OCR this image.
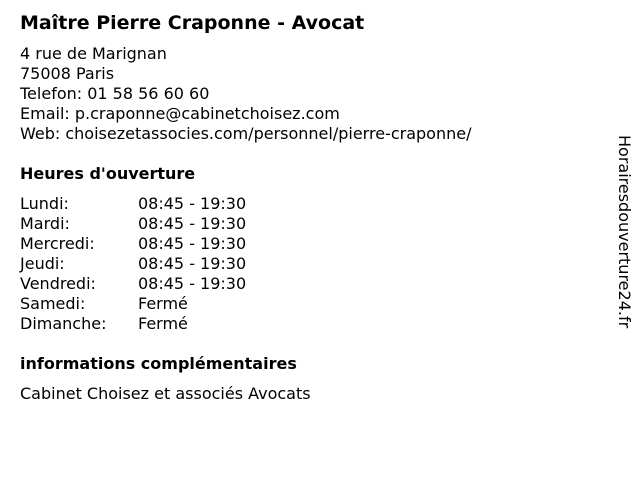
Maître Pierre Craponne - Avocat
4 rue de Marignan
75008 Paris
Telefon: 01 58 56 60 60
Email: p.craponne@cabinetchoisez.com
Web: choisezetassocies.com/personnel/pierre-craponne/
Heures d'ouverture
Lundi:	08:45 - 19:30
Mardi:	08:45 - 19:30
Mercredi:	08:45 - 19:30
Jeudi:	08:45 - 19:30
Vendredi:	08:45 - 19:30
Samedi:	Fermé
Dimanche:	Fermé
informations complémentaires
Cabinet Choisez et associés Avocats
Horairesdouverture24.fr
